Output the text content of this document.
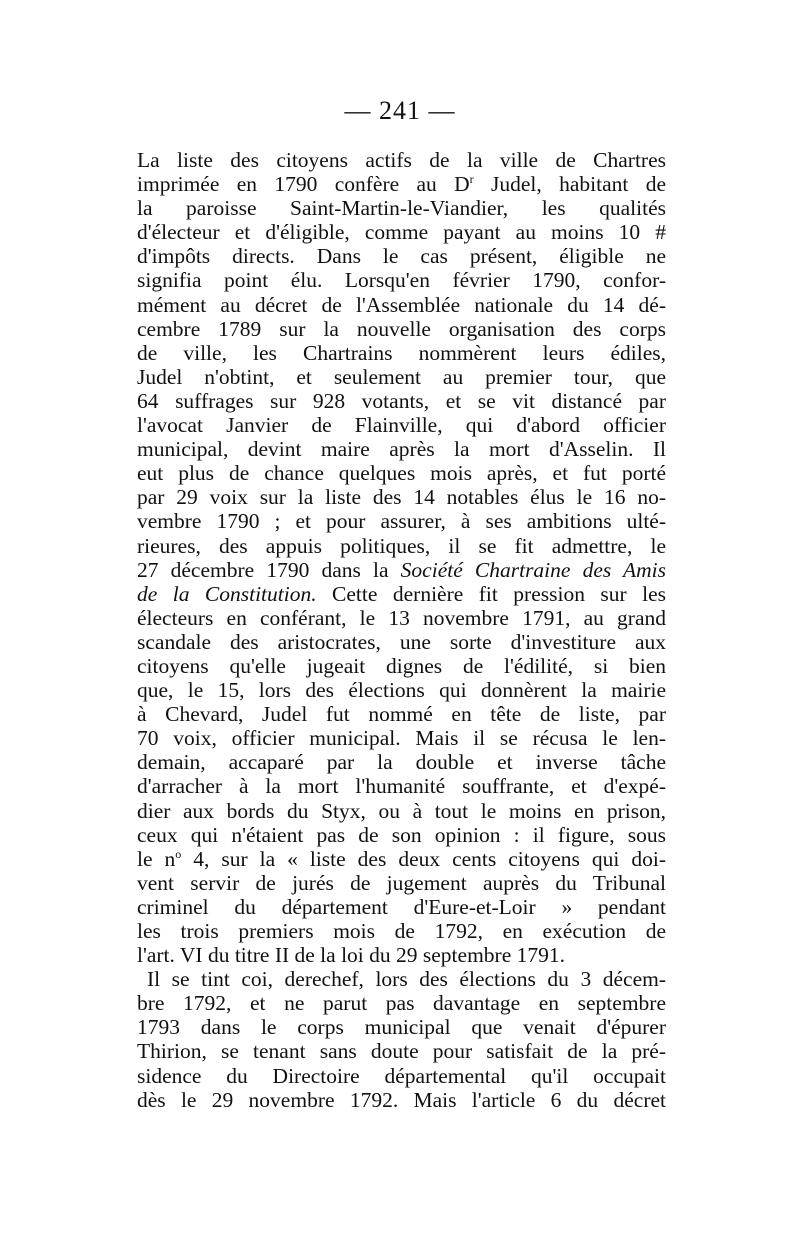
— 241 —
La liste des citoyens actifs de la ville de Chartres
imprimée en 1790 confère au $D^r$ Judel, habitant de
la paroisse Saint-Martin-le-Viandier, les qualités
d'électeur et d'éligible, comme payant au moins 10 #
d'impôts directs. Dans le cas présent, éligible ne
signifia point élu. Lorsqu'en février 1790, confor-
mément au décret de l'Assemblée nationale du 14 dé-
cembre 1789 sur la nouvelle organisation des corps
de ville, les Chartrains nommèrent leurs édiles,
Judel n'obtint, et seulement au premier tour, que
64 suffrages sur 928 votants, et se vit distancé par
l'avocat Janvier de Flainville, qui d'abord officier
municipal, devint maire après la mort d'Asselin. Il
eut plus de chance quelques mois après, et fut porté
par 29 voix sur la liste des 14 notables élus le 16 no-
vembre 1790 ; et pour assurer, à ses ambitions ulté-
rieures, des appuis politiques, il se fit admettre, le
27 décembre 1790 dans la Société Chartraine des Amis
de la Constitution. Cette dernière fit pression sur les
électeurs en conférant, le 13 novembre 1791, au grand
scandale des aristocrates, une sorte d'investiture aux
citoyens qu'elle jugeait dignes de l'édilité, si bien
que, le 15, lors des élections qui donnèrent la mairie
à Chevard, Judel fut nommé en tête de liste, par
70 voix, officier municipal. Mais il se récusa le len-
demain, accaparé par la double et inverse tâche
d'arracher à la mort l'humanité souffrante, et d'expé-
dier aux bords du Styx, ou à tout le moins en prison,
ceux qui n'étaient pas de son opinion : il figure, sous
le $n^o$ 4, sur la « liste des deux cents citoyens qui doi-
vent servir de jurés de jugement auprès du Tribunal
criminel du département d'Eure-et-Loir » pendant
les trois premiers mois de 1792, en exécution de
l'art. VI du titre II de la loi du 29 septembre 1791.
Il se tint coi, derechef, lors des élections du 3 décem-
bre 1792, et ne parut pas davantage en septembre
1793 dans le corps municipal que venait d'épurer
Thirion, se tenant sans doute pour satisfait de la pré-
sidence du Directoire départemental qu'il occupait
dès le 29 novembre 1792. Mais l'article 6 du décret
